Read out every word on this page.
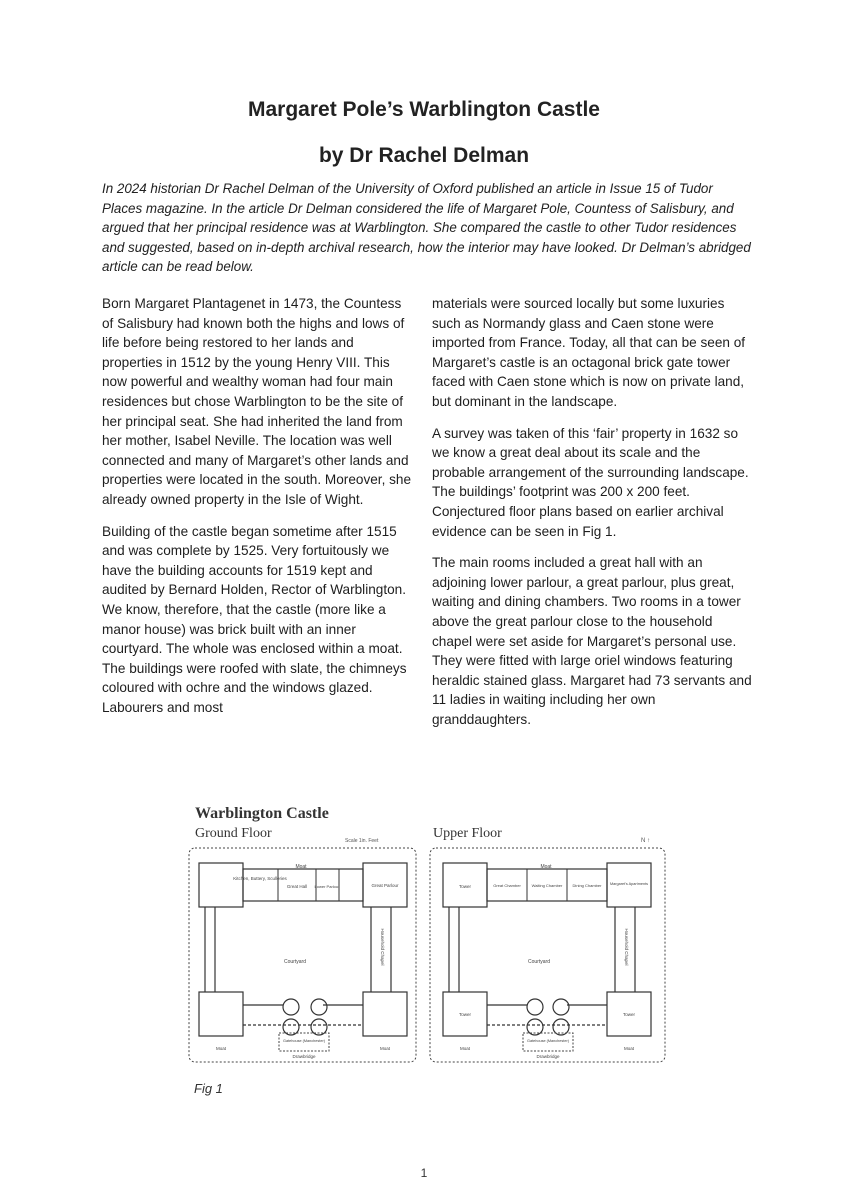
Margaret Pole’s Warblington Castle
by Dr Rachel Delman
In 2024 historian Dr Rachel Delman of the University of Oxford published an article in Issue 15 of Tudor Places magazine. In the article Dr Delman considered the life of Margaret Pole, Countess of Salisbury, and argued that her principal residence was at Warblington. She compared the castle to other Tudor residences and suggested, based on in-depth archival research, how the interior may have looked. Dr Delman’s abridged article can be read below.

Born Margaret Plantagenet in 1473, the Countess of Salisbury had known both the highs and lows of life before being restored to her lands and properties in 1512 by the young Henry VIII. This now powerful and wealthy woman had four main residences but chose Warblington to be the site of her principal seat. She had inherited the land from her mother, Isabel Neville. The location was well connected and many of Margaret’s other lands and properties were located in the south. Moreover, she already owned property in the Isle of Wight.

Building of the castle began sometime after 1515 and was complete by 1525. Very fortuitously we have the building accounts for 1519 kept and audited by Bernard Holden, Rector of Warblington. We know, therefore, that the castle (more like a manor house) was brick built with an inner courtyard. The whole was enclosed within a moat. The buildings were roofed with slate, the chimneys coloured with ochre and the windows glazed. Labourers and most

materials were sourced locally but some luxuries such as Normandy glass and Caen stone were imported from France. Today, all that can be seen of Margaret’s castle is an octagonal brick gate tower faced with Caen stone which is now on private land, but dominant in the landscape.

A survey was taken of this ‘fair’ property in 1632 so we know a great deal about its scale and the probable arrangement of the surrounding landscape. The buildings’ footprint was 200 x 200 feet. Conjectured floor plans based on earlier archival evidence can be seen in Fig 1.

The main rooms included a great hall with an adjoining lower parlour, a great parlour, plus great, waiting and dining chambers. Two rooms in a tower above the great parlour close to the household chapel were set aside for Margaret’s personal use. They were fitted with large oriel windows featuring heraldic stained glass. Margaret had 73 servants and 11 ladies in waiting including her own granddaughters.

Warblington Castle
Ground Floor	Scale 1in. Feet	Upper Floor	N ↑
Moat
Kitchen, Buttery, Sculleries
Great Hall Lower Parlour	Great Parlour
Household Chapel
Courtyard
Gatehouse (Manchester)
Drawbridge
Moat	Moat
Moat
Tower	Great Chamber	Waiting Chamber	Dining Chamber Margaret's Apartments
Household Chapel
Courtyard
Tower	Tower
Gatehouse (Manchester)
Drawbridge
Moat	Moat
Fig 1
1
